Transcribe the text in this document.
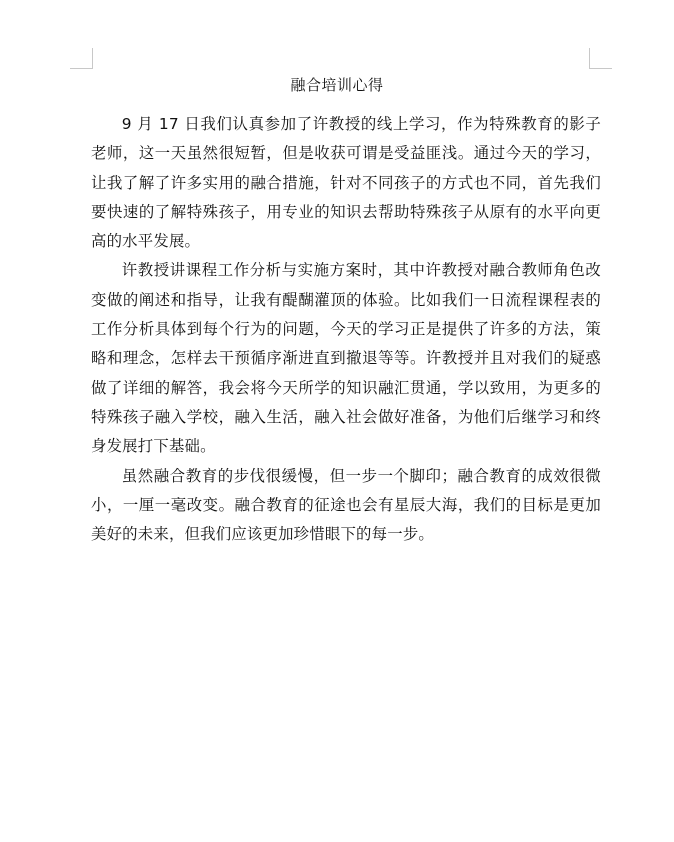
融合培训心得

9 月 17 日我们认真参加了许教授的线上学习，作为特殊教育的影子老师，这一天虽然很短暂，但是收获可谓是受益匪浅。通过今天的学习，让我了解了许多实用的融合措施，针对不同孩子的方式也不同，首先我们要快速的了解特殊孩子，用专业的知识去帮助特殊孩子从原有的水平向更高的水平发展。

许教授讲课程工作分析与实施方案时，其中许教授对融合教师角色改变做的阐述和指导，让我有醍醐灌顶的体验。比如我们一日流程课程表的工作分析具体到每个行为的问题，今天的学习正是提供了许多的方法，策略和理念，怎样去干预循序渐进直到撤退等等。许教授并且对我们的疑惑做了详细的解答，我会将今天所学的知识融汇贯通，学以致用，为更多的特殊孩子融入学校，融入生活，融入社会做好准备，为他们后继学习和终身发展打下基础。

虽然融合教育的步伐很缓慢，但一步一个脚印；融合教育的成效很微小，一厘一毫改变。融合教育的征途也会有星辰大海，我们的目标是更加美好的未来，但我们应该更加珍惜眼下的每一步。
